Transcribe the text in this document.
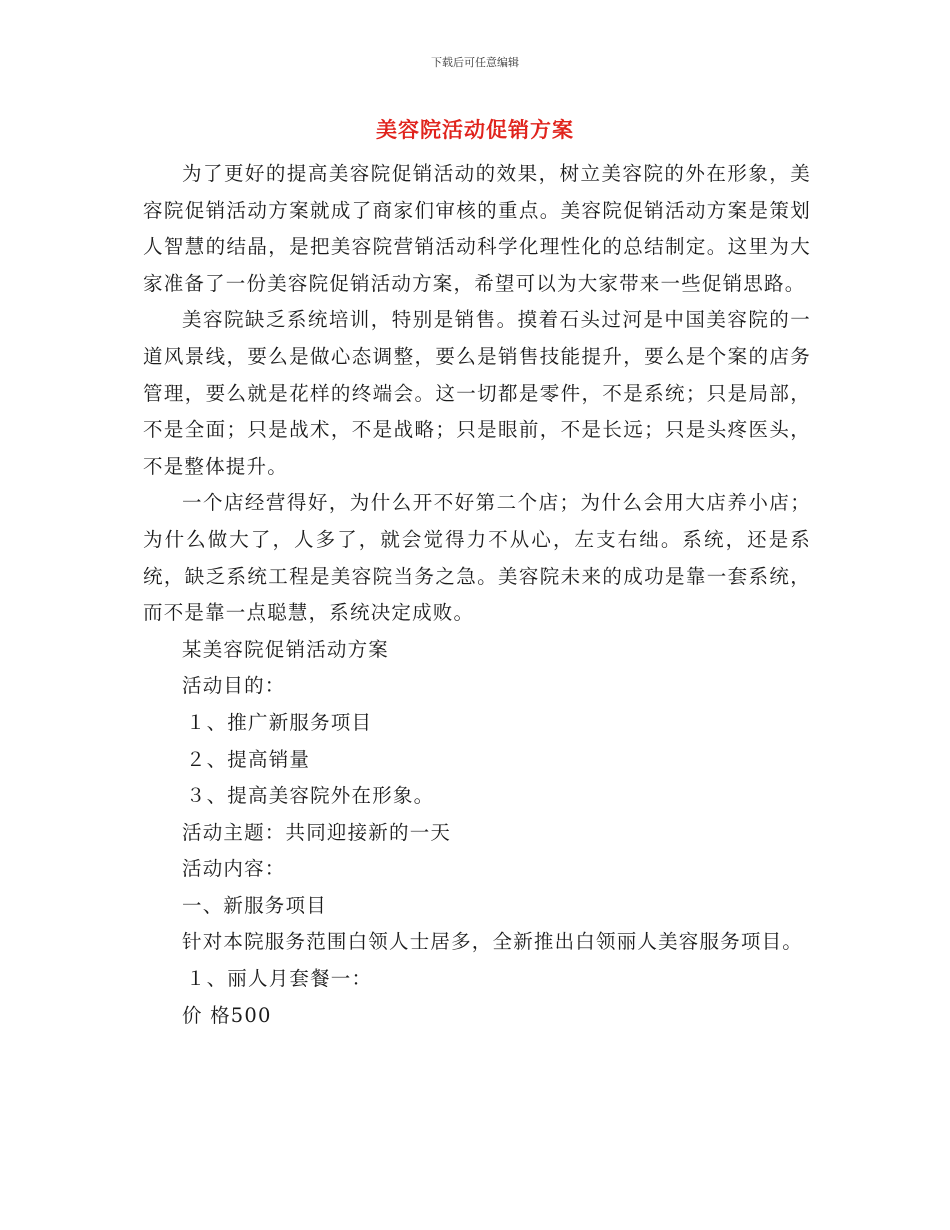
下载后可任意编辑
美容院活动促销方案

为了更好的提高美容院促销活动的效果，树立美容院的外在形象，美容院促销活动方案就成了商家们审核的重点。美容院促销活动方案是策划人智慧的结晶，是把美容院营销活动科学化理性化的总结制定。这里为大家准备了一份美容院促销活动方案，希望可以为大家带来一些促销思路。

美容院缺乏系统培训，特别是销售。摸着石头过河是中国美容院的一道风景线，要么是做心态调整，要么是销售技能提升，要么是个案的店务管理，要么就是花样的终端会。这一切都是零件，不是系统；只是局部，不是全面；只是战术，不是战略；只是眼前，不是长远；只是头疼医头，不是整体提升。

一个店经营得好，为什么开不好第二个店；为什么会用大店养小店；为什么做大了，人多了，就会觉得力不从心，左支右绌。系统，还是系统，缺乏系统工程是美容院当务之急。美容院未来的成功是靠一套系统，而不是靠一点聪慧，系统决定成败。

某美容院促销活动方案

活动目的：

１、推广新服务项目

２、提高销量

３、提高美容院外在形象。

活动主题：共同迎接新的一天

活动内容：

一、新服务项目

针对本院服务范围白领人士居多，全新推出白领丽人美容服务项目。

１、丽人月套餐一：

价 格500
